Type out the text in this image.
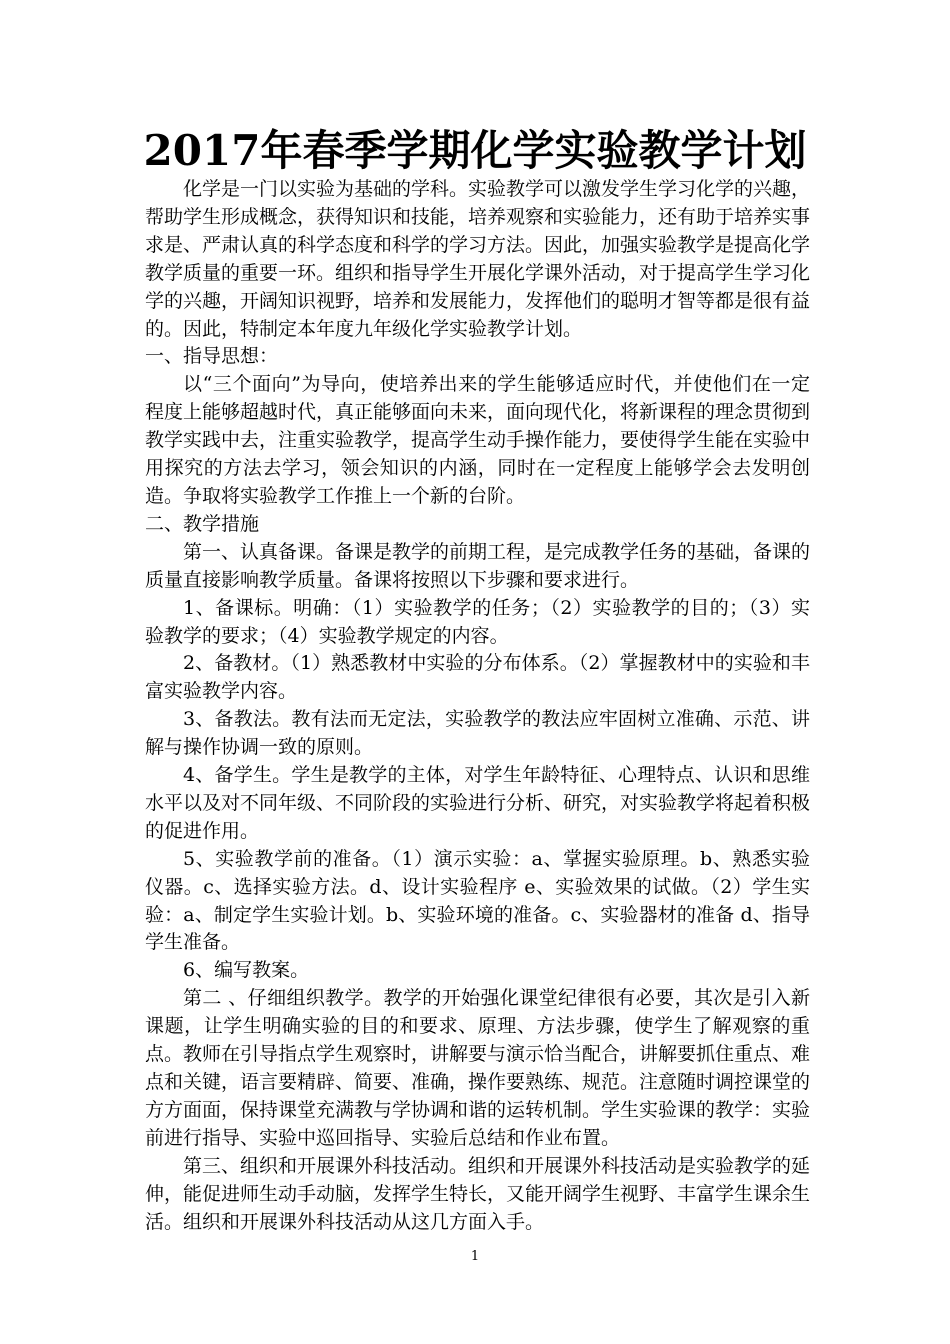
2017年春季学期化学实验教学计划

化学是一门以实验为基础的学科。实验教学可以激发学生学习化学的兴趣，帮助学生形成概念，获得知识和技能，培养观察和实验能力，还有助于培养实事求是、严肃认真的科学态度和科学的学习方法。因此，加强实验教学是提高化学教学质量的重要一环。组织和指导学生开展化学课外活动，对于提高学生学习化学的兴趣，开阔知识视野，培养和发展能力，发挥他们的聪明才智等都是很有益的。因此，特制定本年度九年级化学实验教学计划。

一、指导思想：

以“三个面向”为导向，使培养出来的学生能够适应时代，并使他们在一定程度上能够超越时代，真正能够面向未来，面向现代化，将新课程的理念贯彻到教学实践中去，注重实验教学，提高学生动手操作能力，要使得学生能在实验中用探究的方法去学习，领会知识的内涵，同时在一定程度上能够学会去发明创造。争取将实验教学工作推上一个新的台阶。

二、教学措施

第一、认真备课。备课是教学的前期工程，是完成教学任务的基础，备课的质量直接影响教学质量。备课将按照以下步骤和要求进行。

1、备课标。明确：（1）实验教学的任务；（2）实验教学的目的；（3）实验教学的要求；（4）实验教学规定的内容。

2、备教材。（1）熟悉教材中实验的分布体系。（2）掌握教材中的实验和丰富实验教学内容。

3、备教法。教有法而无定法，实验教学的教法应牢固树立准确、示范、讲解与操作协调一致的原则。

4、备学生。学生是教学的主体，对学生年龄特征、心理特点、认识和思维水平以及对不同年级、不同阶段的实验进行分析、研究，对实验教学将起着积极的促进作用。

5、实验教学前的准备。（1）演示实验：a、掌握实验原理。b、熟悉实验仪器。c、选择实验方法。d、设计实验程序 e、实验效果的试做。（2）学生实验：a、制定学生实验计划。b、实验环境的准备。c、实验器材的准备 d、指导学生准备。

6、编写教案。

第二 、仔细组织教学。教学的开始强化课堂纪律很有必要，其次是引入新课题，让学生明确实验的目的和要求、原理、方法步骤，使学生了解观察的重点。教师在引导指点学生观察时，讲解要与演示恰当配合，讲解要抓住重点、难点和关键，语言要精辟、简要、准确，操作要熟练、规范。注意随时调控课堂的方方面面，保持课堂充满教与学协调和谐的运转机制。学生实验课的教学：实验前进行指导、实验中巡回指导、实验后总结和作业布置。

第三、组织和开展课外科技活动。组织和开展课外科技活动是实验教学的延伸，能促进师生动手动脑，发挥学生特长，又能开阔学生视野、丰富学生课余生活。组织和开展课外科技活动从这几方面入手。

1
